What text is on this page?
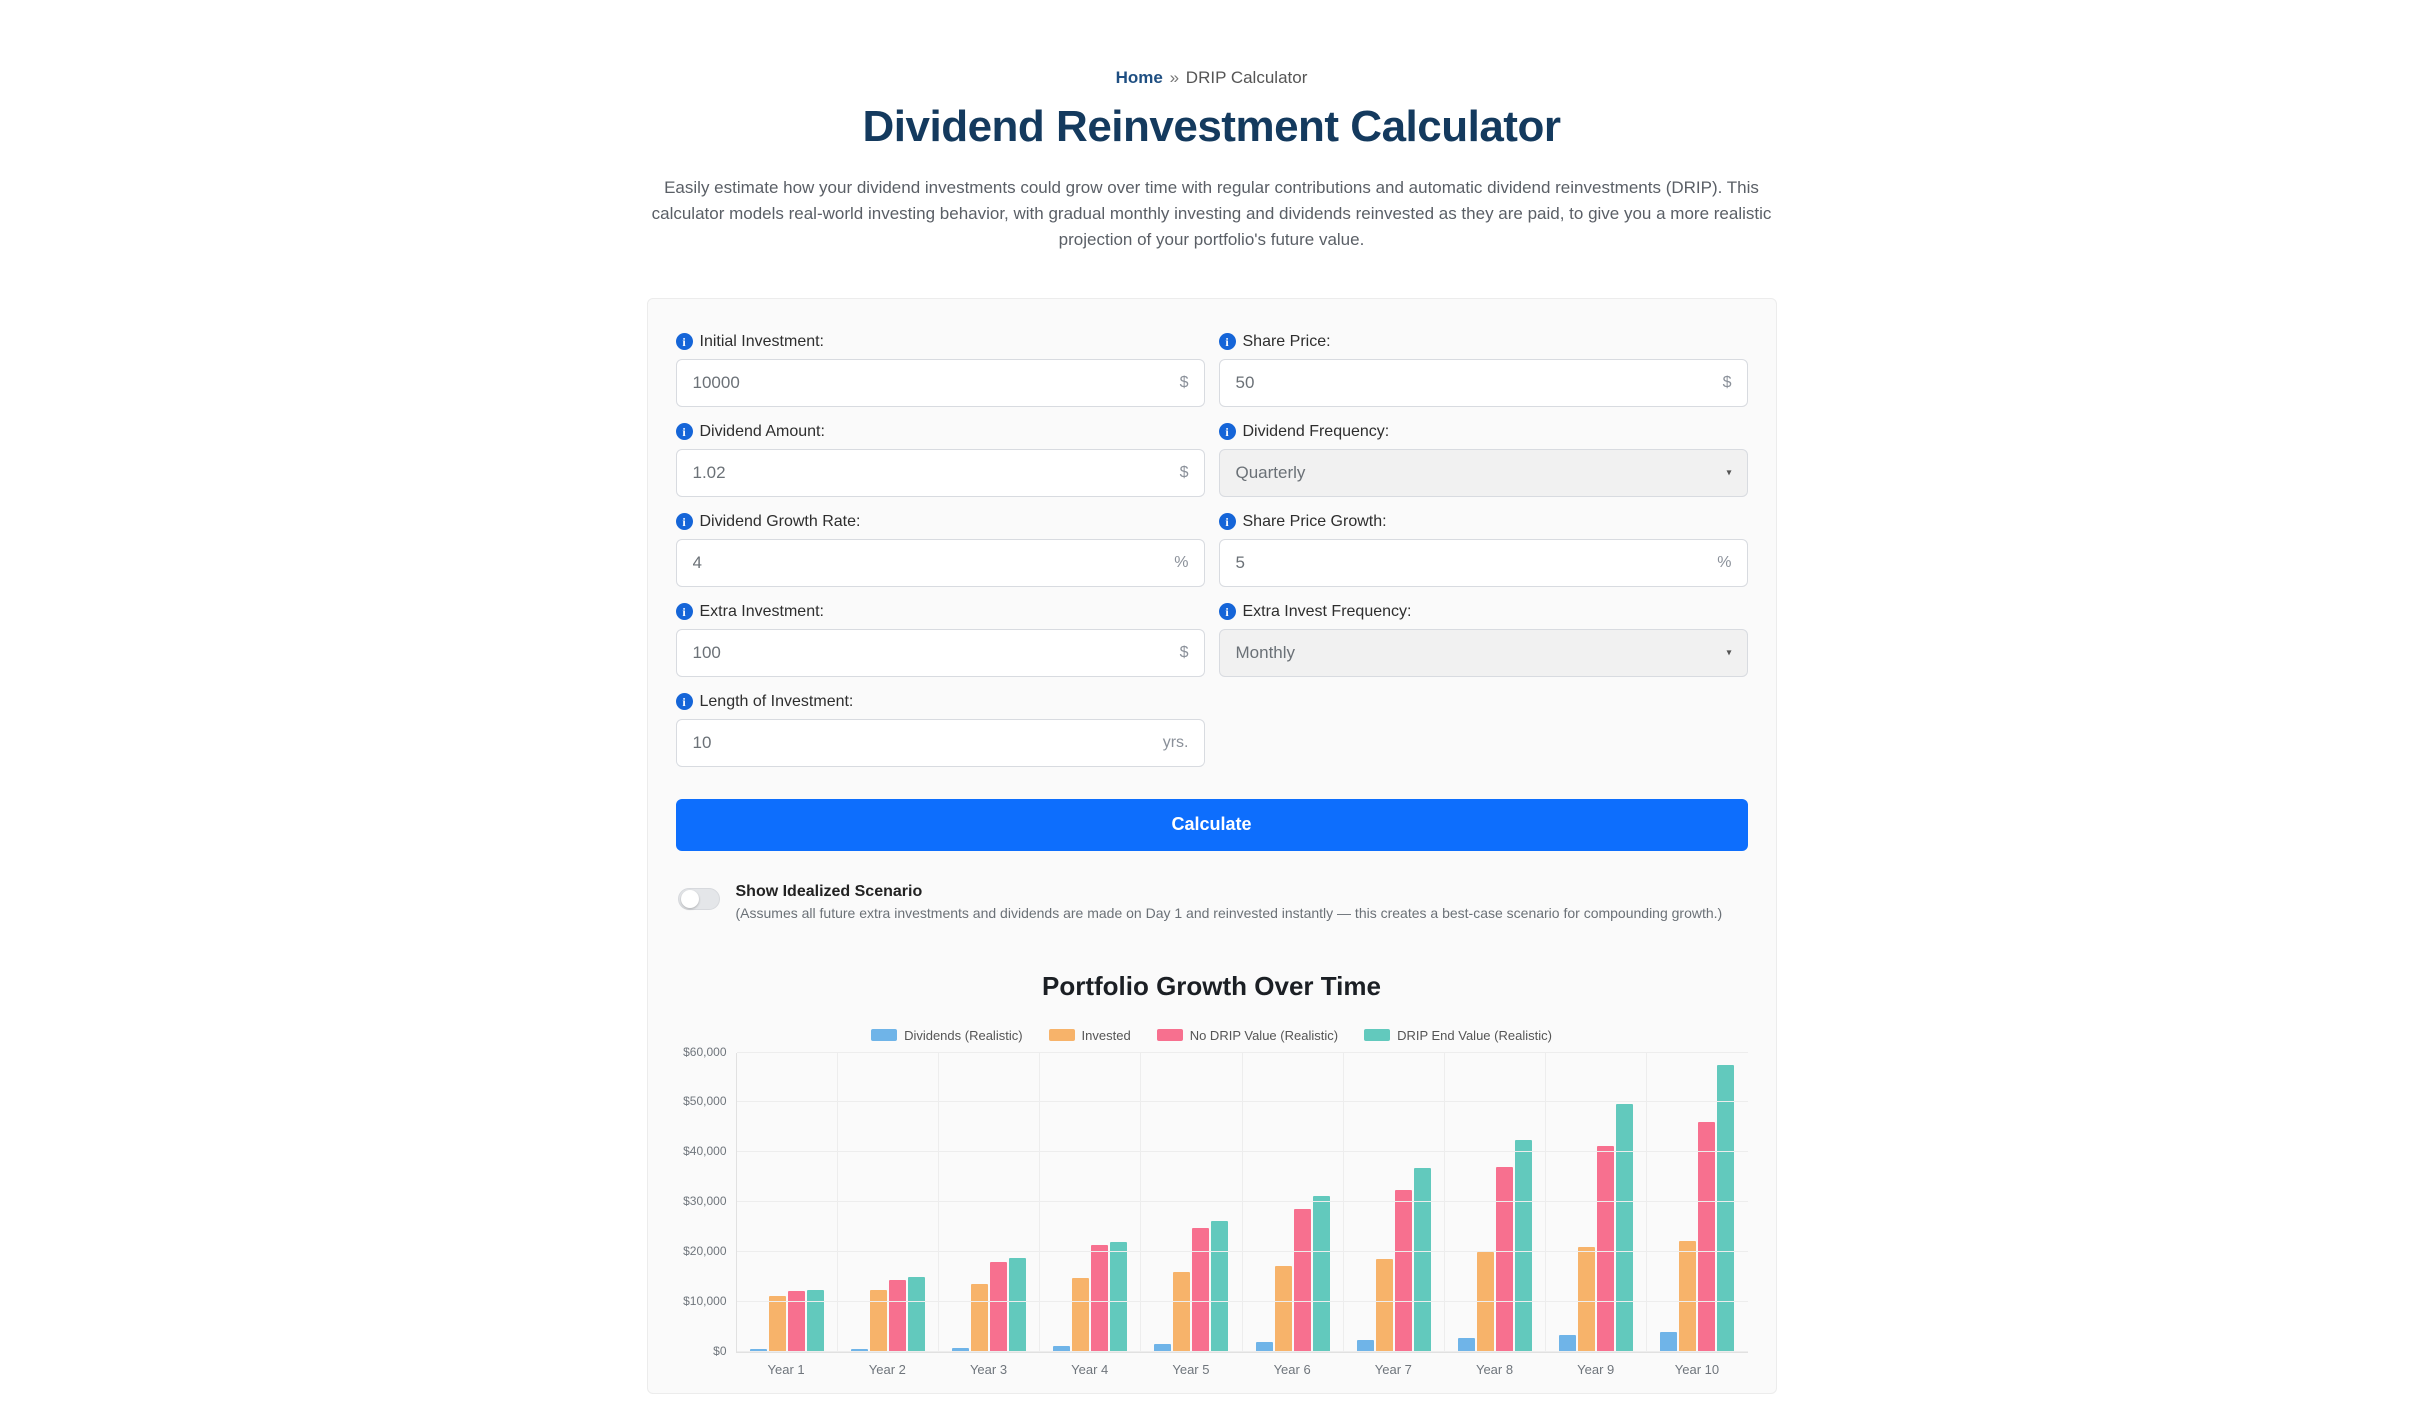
Home » DRIP Calculator
Dividend Reinvestment Calculator

Easily estimate how your dividend investments could grow over time with regular contributions and automatic dividend reinvestments (DRIP). This calculator models real-world investing behavior, with gradual monthly investing and dividends reinvested as they are paid, to give you a more realistic projection of your portfolio's future value.

i Initial Investment:
10000
$
i Share Price:
50
$
i Dividend Amount:
1.02
$
i Dividend Frequency:
Quarterly
▾
i Dividend Growth Rate:
4
%
i Share Price Growth:
5
%
i Extra Investment:
100
$
i Extra Invest Frequency:
Monthly
▾
i Length of Investment:
10
yrs.
Calculate
Show Idealized Scenario
(Assumes all future extra investments and dividends are made on Day 1 and reinvested instantly — this creates a best-case scenario for compounding growth.)
Portfolio Growth Over Time
Dividends (Realistic)	Invested	No DRIP Value (Realistic)	DRIP End Value (Realistic)
$0
$10,000
$20,000
$30,000
$40,000
$50,000
$60,000
Year 1	Year 2	Year 3	Year 4	Year 5	Year 6	Year 7	Year 8	Year 9	Year 10
